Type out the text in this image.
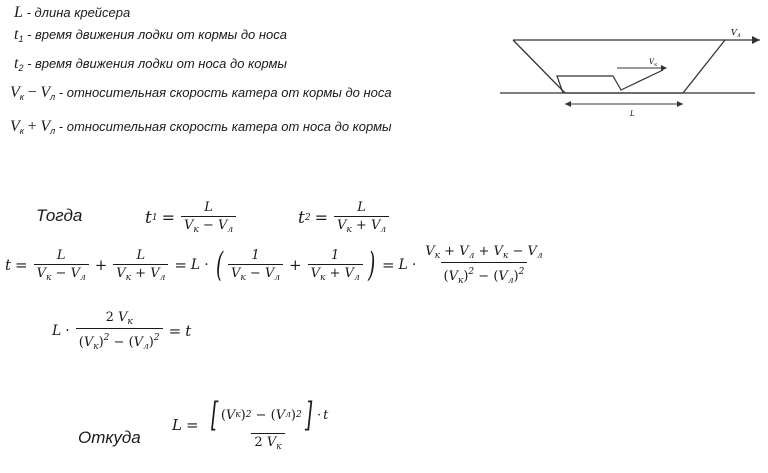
L - длина крейсера
$t_1$ - время движения лодки от кормы до носа
$t_2$ - время движения лодки от носа до кормы
$V_к - V_л$ - относительная скорость катера от кормы до носа
$V_к + V_л$ - относительная скорость катера от носа до кормы
$V_л$
$V_к$
L
Тогда	t $1 = \frac{L}{V_к - V_л}$	t $2 = \frac{L}{V_к + V_л}$
$t = \frac{L}{V_к - V_л} + \frac{L}{V_к + V_л} = L$ · ( $\frac{1}{V_к - V_л} + \frac{1}{V_к + V_л}$ ) = $L \cdot \frac{V_к + V_л + V_к - V_л}{(V_к)^2 - (V_л)^2}$
$L \cdot \frac{2 V_к}{(V_к)^2 - (V_л)^2} = t$
Откуда
L = [ ( V к ) 2
−
( V л ) 2 ] · t
2 $V_к$
